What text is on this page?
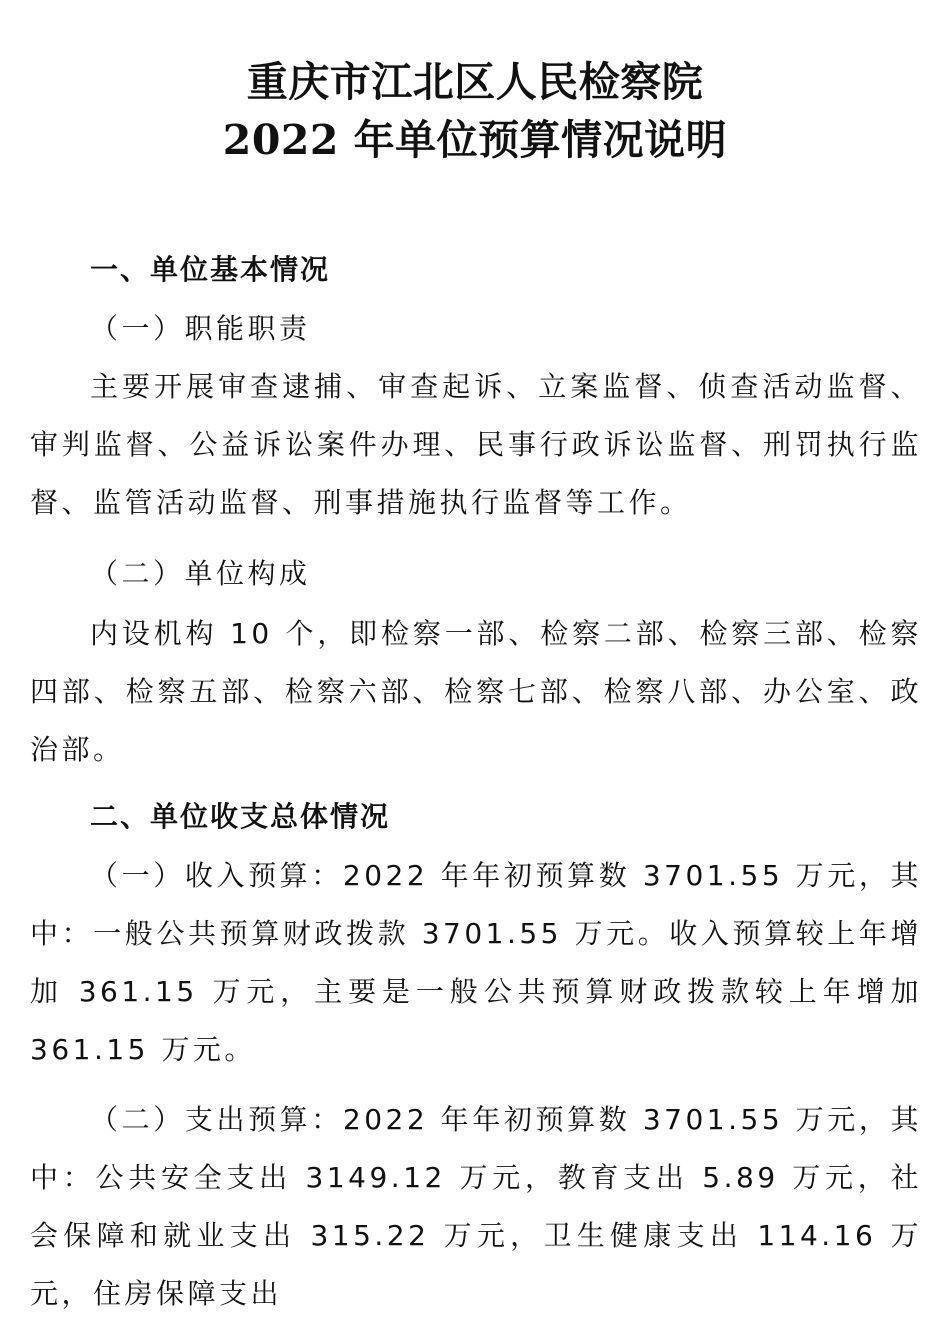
重庆市江北区人民检察院
2022 年单位预算情况说明

一、单位基本情况

（一）职能职责

主要开展审查逮捕、审查起诉、立案监督、侦查活动监督、审判监督、公益诉讼案件办理、民事行政诉讼监督、刑罚执行监督、监管活动监督、刑事措施执行监督等工作。

（二）单位构成

内设机构 10 个，即检察一部、检察二部、检察三部、检察四部、检察五部、检察六部、检察七部、检察八部、办公室、政治部。

二、单位收支总体情况

（一）收入预算：2022 年年初预算数 3701.55 万元，其中：一般公共预算财政拨款 3701.55 万元。收入预算较上年增加 361.15 万元，主要是一般公共预算财政拨款较上年增加 361.15 万元。

（二）支出预算：2022 年年初预算数 3701.55 万元，其中：公共安全支出 3149.12 万元，教育支出 5.89 万元，社会保障和就业支出 315.22 万元，卫生健康支出 114.16 万元，住房保障支出
